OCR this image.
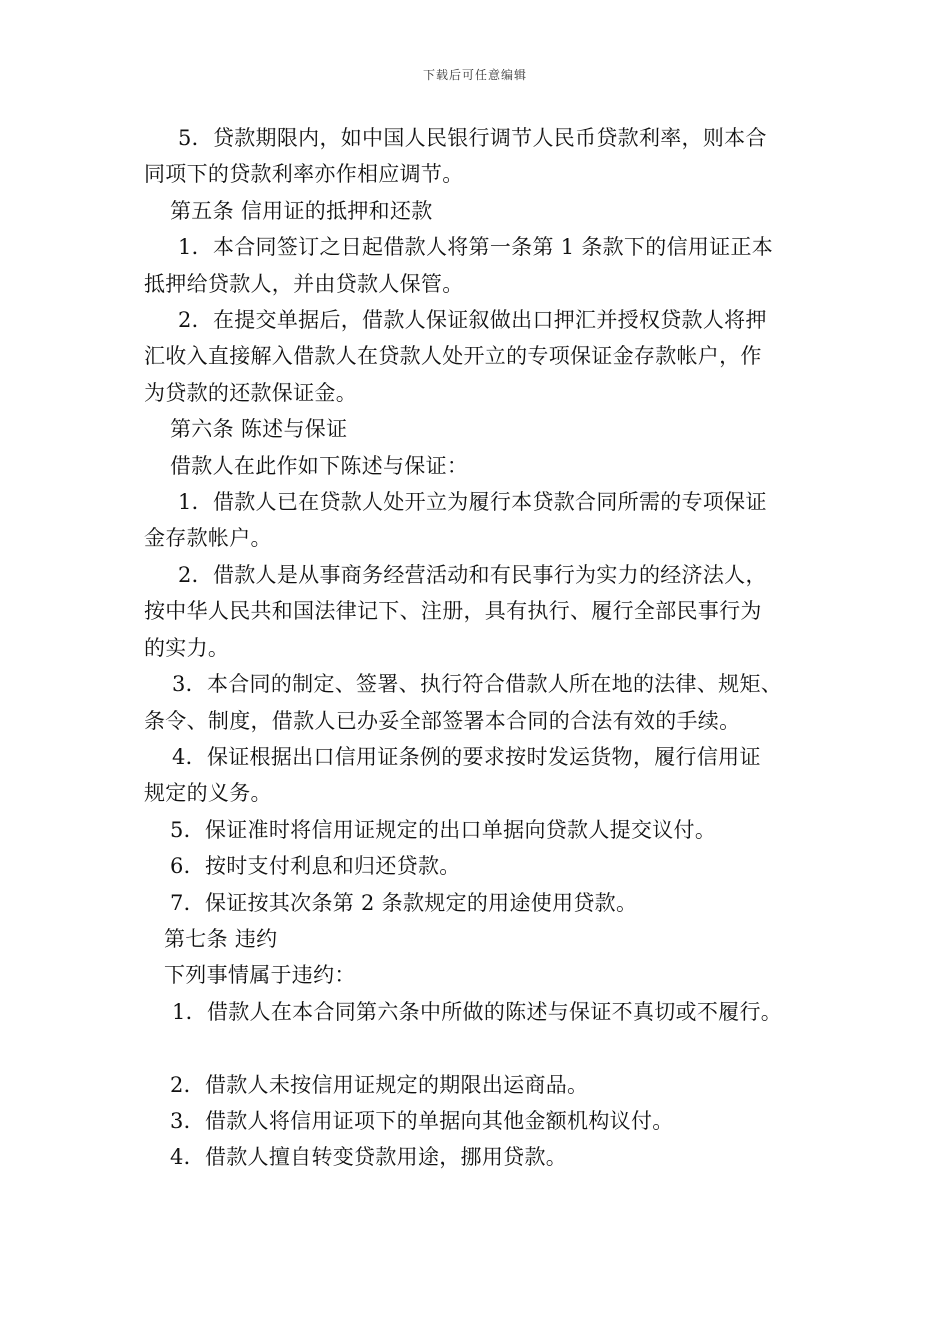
下载后可任意编辑
5．贷款期限内，如中国人民银行调节人民币贷款利率，则本合
同项下的贷款利率亦作相应调节。
第五条 信用证的抵押和还款
1．本合同签订之日起借款人将第一条第 1 条款下的信用证正本
抵押给贷款人，并由贷款人保管。
2．在提交单据后，借款人保证叙做出口押汇并授权贷款人将押
汇收入直接解入借款人在贷款人处开立的专项保证金存款帐户，作
为贷款的还款保证金。
第六条 陈述与保证
借款人在此作如下陈述与保证：
1．借款人已在贷款人处开立为履行本贷款合同所需的专项保证
金存款帐户。
2．借款人是从事商务经营活动和有民事行为实力的经济法人，
按中华人民共和国法律记下、注册，具有执行、履行全部民事行为
的实力。
3．本合同的制定、签署、执行符合借款人所在地的法律、规矩、
条令、制度，借款人已办妥全部签署本合同的合法有效的手续。
4．保证根据出口信用证条例的要求按时发运货物，履行信用证
规定的义务。
5．保证准时将信用证规定的出口单据向贷款人提交议付。
6．按时支付利息和归还贷款。
7．保证按其次条第 2 条款规定的用途使用贷款。
第七条 违约
下列事情属于违约：
1．借款人在本合同第六条中所做的陈述与保证不真切或不履行。
2．借款人未按信用证规定的期限出运商品。
3．借款人将信用证项下的单据向其他金额机构议付。
4．借款人擅自转变贷款用途，挪用贷款。
